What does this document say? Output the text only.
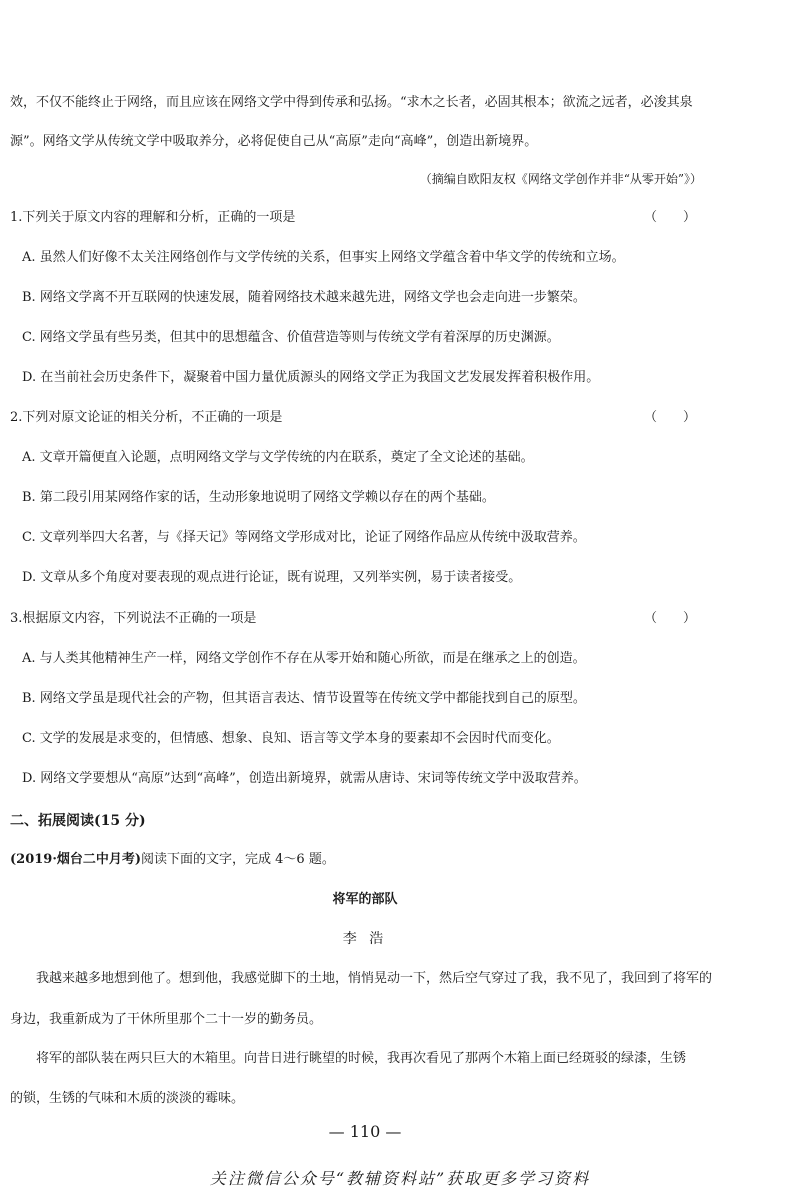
效，不仅不能终止于网络，而且应该在网络文学中得到传承和弘扬。“求木之长者，必固其根本；欲流之远者，必浚其泉
源”。网络文学从传统文学中吸取养分，必将促使自己从“高原”走向“高峰”，创造出新境界。
（摘编自欧阳友权《网络文学创作并非“从零开始”》）
1.下列关于原文内容的理解和分析，正确的一项是	（　　）
A. 虽然人们好像不太关注网络创作与文学传统的关系，但事实上网络文学蕴含着中华文学的传统和立场。
B. 网络文学离不开互联网的快速发展，随着网络技术越来越先进，网络文学也会走向进一步繁荣。
C. 网络文学虽有些另类，但其中的思想蕴含、价值营造等则与传统文学有着深厚的历史渊源。
D. 在当前社会历史条件下，凝聚着中国力量优质源头的网络文学正为我国文艺发展发挥着积极作用。
2.下列对原文论证的相关分析，不正确的一项是	（　　）
A. 文章开篇便直入论题，点明网络文学与文学传统的内在联系，奠定了全文论述的基础。
B. 第二段引用某网络作家的话，生动形象地说明了网络文学赖以存在的两个基础。
C. 文章列举四大名著，与《择天记》等网络文学形成对比，论证了网络作品应从传统中汲取营养。
D. 文章从多个角度对要表现的观点进行论证，既有说理，又列举实例，易于读者接受。
3.根据原文内容，下列说法不正确的一项是	（　　）
A. 与人类其他精神生产一样，网络文学创作不存在从零开始和随心所欲，而是在继承之上的创造。
B. 网络文学虽是现代社会的产物，但其语言表达、情节设置等在传统文学中都能找到自己的原型。
C. 文学的发展是求变的，但情感、想象、良知、语言等文学本身的要素却不会因时代而变化。
D. 网络文学要想从“高原”达到“高峰”，创造出新境界，就需从唐诗、宋词等传统文学中汲取营养。
二、拓展阅读(15 分)
(2019·烟台二中月考)阅读下面的文字，完成 4～6 题。
将军的部队
李 浩
我越来越多地想到他了。想到他，我感觉脚下的土地，悄悄晃动一下，然后空气穿过了我，我不见了，我回到了将军的
身边，我重新成为了干休所里那个二十一岁的勤务员。
将军的部队装在两只巨大的木箱里。向昔日进行眺望的时候，我再次看见了那两个木箱上面已经斑驳的绿漆，生锈
的锁，生锈的气味和木质的淡淡的霉味。
— 110 —
关注微信公众号“教辅资料站”获取更多学习资料
